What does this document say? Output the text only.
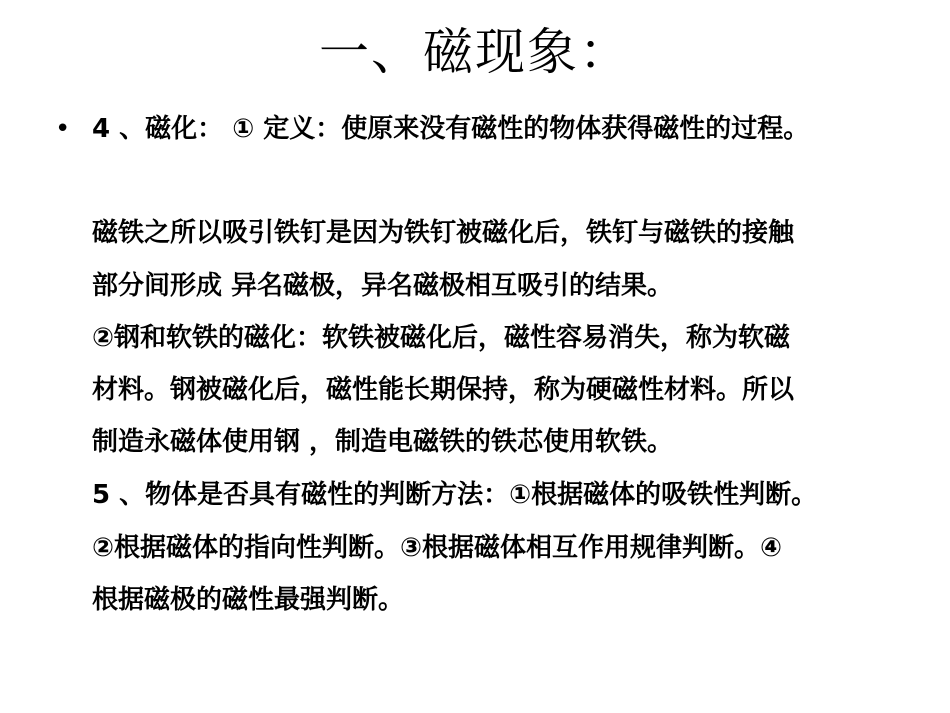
一、磁现象：
• 4 、磁化： ① 定义：使原来没有磁性的物体获得磁性的过程。
磁铁之所以吸引铁钉是因为铁钉被磁化后，铁钉与磁铁的接触
部分间形成 异名磁极，异名磁极相互吸引的结果。
②钢和软铁的磁化：软铁被磁化后，磁性容易消失，称为软磁
材料。钢被磁化后，磁性能长期保持，称为硬磁性材料。所以
制造永磁体使用钢 ，制造电磁铁的铁芯使用软铁。
5 、物体是否具有磁性的判断方法：①根据磁体的吸铁性判断。
②根据磁体的指向性判断。③根据磁体相互作用规律判断。④
根据磁极的磁性最强判断。
